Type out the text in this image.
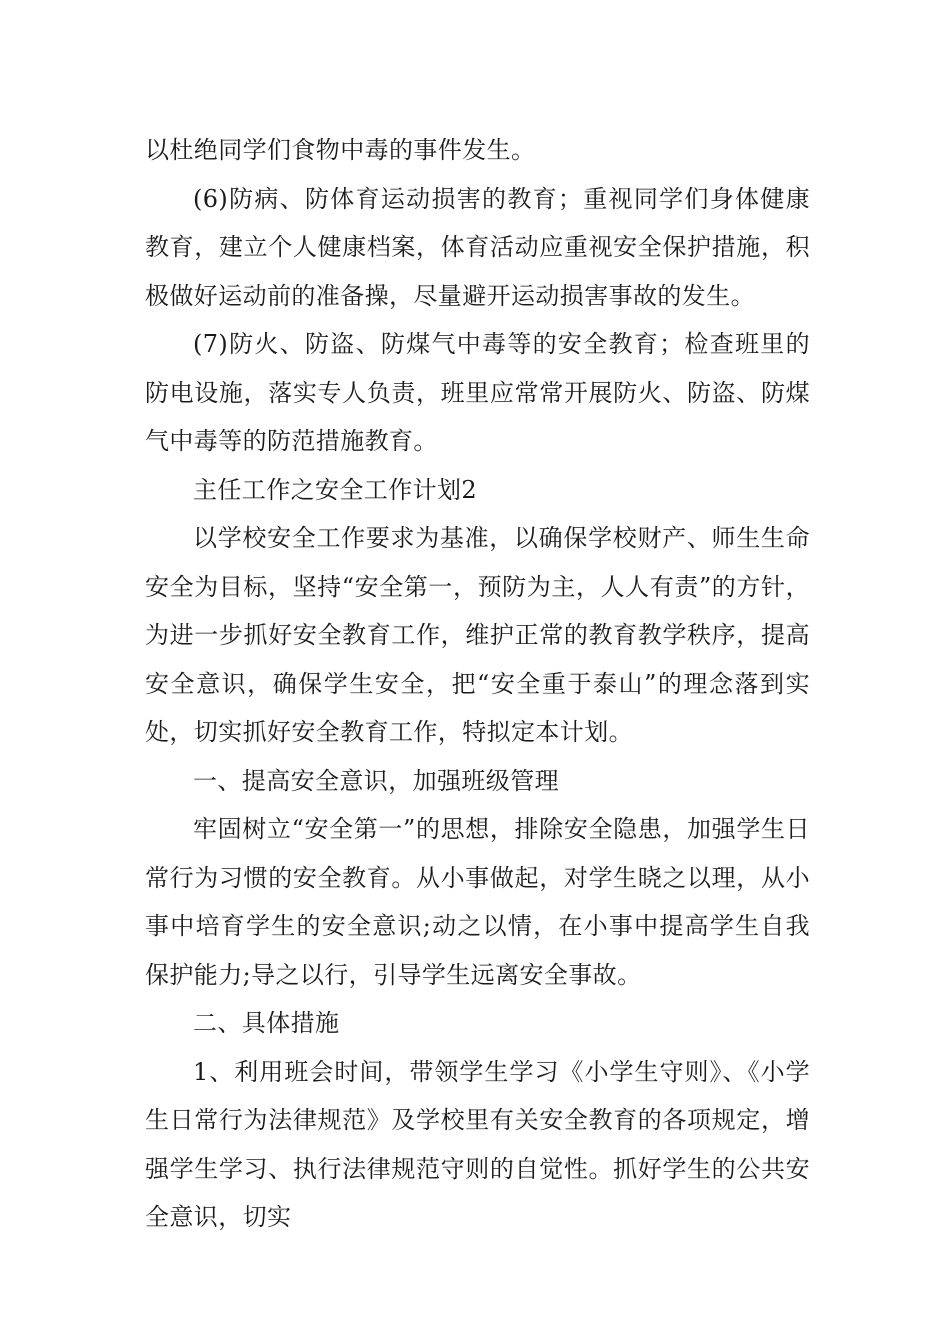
以杜绝同学们食物中毒的事件发生。

(6)防病、防体育运动损害的教育；重视同学们身体健康教育，建立个人健康档案，体育活动应重视安全保护措施，积极做好运动前的准备操，尽量避开运动损害事故的发生。

(7)防火、防盗、防煤气中毒等的安全教育；检查班里的防电设施，落实专人负责，班里应常常开展防火、防盗、防煤气中毒等的防范措施教育。

主任工作之安全工作计划2

以学校安全工作要求为基准，以确保学校财产、师生生命安全为目标，坚持“安全第一，预防为主，人人有责”的方针，为进一步抓好安全教育工作，维护正常的教育教学秩序，提高安全意识，确保学生安全，把“安全重于泰山”的理念落到实处，切实抓好安全教育工作，特拟定本计划。

一、提高安全意识，加强班级管理

牢固树立“安全第一”的思想，排除安全隐患，加强学生日常行为习惯的安全教育。从小事做起，对学生晓之以理，从小事中培育学生的安全意识;动之以情，在小事中提高学生自我保护能力;导之以行，引导学生远离安全事故。

二、具体措施

1、利用班会时间，带领学生学习《小学生守则》、《小学生日常行为法律规范》及学校里有关安全教育的各项规定，增强学生学习、执行法律规范守则的自觉性。抓好学生的公共安全意识，切实
